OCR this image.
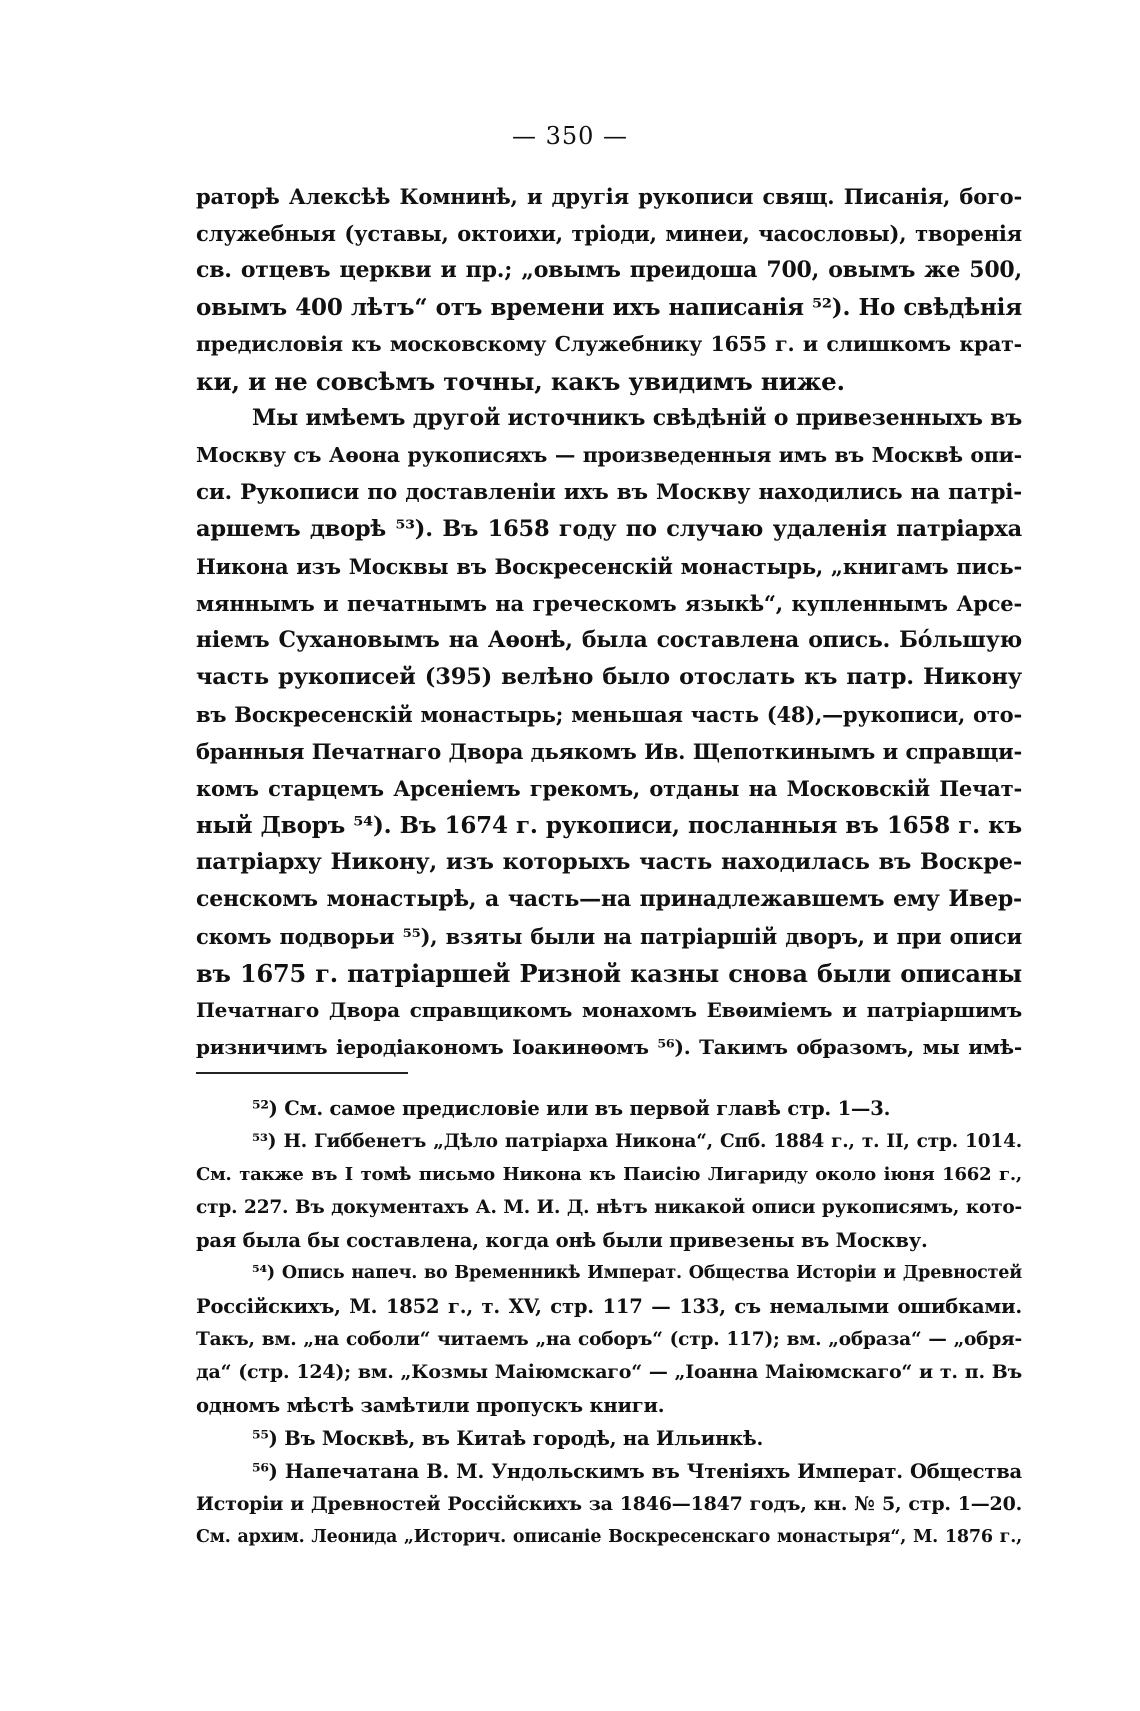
— 350 —
раторѣ Алексѣѣ Комнинѣ, и другія рукописи свящ. Писанія, бого-
служебныя (уставы, октоихи, тріоди, минеи, часословы), творенія
св. отцевъ церкви и пр.; „овымъ преидоша 700, овымъ же 500,
овымъ 400 лѣтъ“ отъ времени ихъ написанія ⁵²). Но свѣдѣнія
предисловія къ московскому Служебнику 1655 г. и слишкомъ крат-
ки, и не совсѣмъ точны, какъ увидимъ ниже.
Мы имѣемъ другой источникъ свѣдѣній о привезенныхъ въ
Москву съ Аѳона рукописяхъ — произведенныя имъ въ Москвѣ опи-
си. Рукописи по доставленіи ихъ въ Москву находились на патрі-
аршемъ дворѣ ⁵³). Въ 1658 году по случаю удаленія патріарха
Никона изъ Москвы въ Воскресенскій монастырь, „книгамъ пись-
мяннымъ и печатнымъ на греческомъ языкѣ“, купленнымъ Арсе-
ніемъ Сухановымъ на Аѳонѣ, была составлена опись. Бо́льшую
часть рукописей (395) велѣно было отослать къ патр. Никону
въ Воскресенскій монастырь; меньшая часть (48),—рукописи, ото-
бранныя Печатнаго Двора дьякомъ Ив. Щепоткинымъ и справщи-
комъ старцемъ Арсеніемъ грекомъ, отданы на Московскій Печат-
ный Дворъ ⁵⁴). Въ 1674 г. рукописи, посланныя въ 1658 г. къ
патріарху Никону, изъ которыхъ часть находилась въ Воскре-
сенскомъ монастырѣ, а часть—на принадлежавшемъ ему Ивер-
скомъ подворьи ⁵⁵), взяты были на патріаршій дворъ, и при описи
въ 1675 г. патріаршей Ризной казны снова были описаны
Печатнаго Двора справщикомъ монахомъ Евѳиміемъ и патріаршимъ
ризничимъ іеродіакономъ Іоакинѳомъ ⁵⁶). Такимъ образомъ, мы имѣ-
⁵²) См. самое предисловіе или въ первой главѣ стр. 1—3.
⁵³) Н. Гиббенетъ „Дѣло патріарха Никона“, Спб. 1884 г., т. II, стр. 1014.
См. также въ I томѣ письмо Никона къ Паисію Лигариду около іюня 1662 г.,
стр. 227. Въ документахъ А. М. И. Д. нѣтъ никакой описи рукописямъ, кото-
рая была бы составлена, когда онѣ были привезены въ Москву.
⁵⁴) Опись напеч. во Временникѣ Императ. Общества Исторіи и Древностей
Россійскихъ, М. 1852 г., т. XV, стр. 117 — 133, съ немалыми ошибками.
Такъ, вм. „на соболи“ читаемъ „на соборъ“ (стр. 117); вм. „образа“ — „обря-
да“ (стр. 124); вм. „Козмы Маіюмскаго“ — „Іоанна Маіюмскаго“ и т. п. Въ
одномъ мѣстѣ замѣтили пропускъ книги.
⁵⁵) Въ Москвѣ, въ Китаѣ городѣ, на Ильинкѣ.
⁵⁶) Напечатана В. М. Ундольскимъ въ Чтеніяхъ Императ. Общества
Исторіи и Древностей Россійскихъ за 1846—1847 годъ, кн. № 5, стр. 1—20.
См. архим. Леонида „Историч. описаніе Воскресенскаго монастыря“, М. 1876 г.,
